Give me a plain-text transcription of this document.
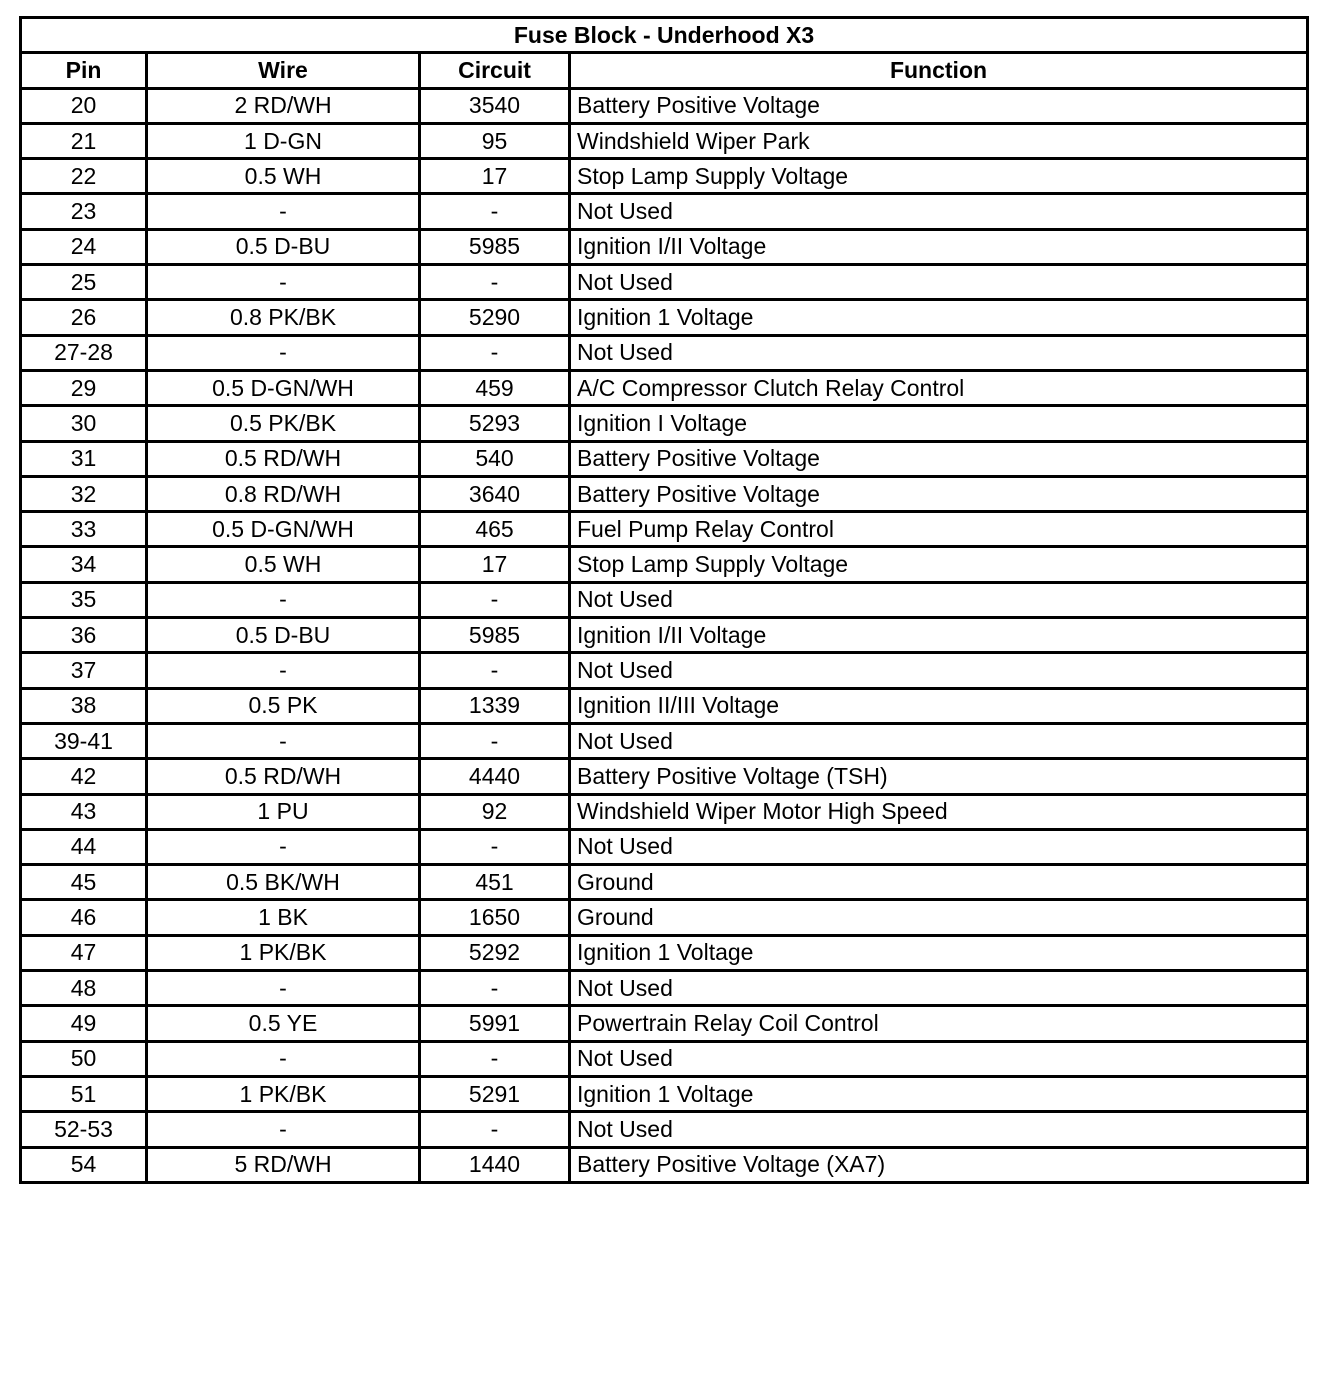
Fuse Block - Underhood X3			
Pin	Wire	Circuit	Function
20	2 RD/WH	3540	Battery Positive Voltage
21	1 D-GN	95	Windshield Wiper Park
22	0.5 WH	17	Stop Lamp Supply Voltage
23	-	-	Not Used
24	0.5 D-BU	5985	Ignition I/II Voltage
25	-	-	Not Used
26	0.8 PK/BK	5290	Ignition 1 Voltage
27-28	-	-	Not Used
29	0.5 D-GN/WH	459	A/C Compressor Clutch Relay Control
30	0.5 PK/BK	5293	Ignition I Voltage
31	0.5 RD/WH	540	Battery Positive Voltage
32	0.8 RD/WH	3640	Battery Positive Voltage
33	0.5 D-GN/WH	465	Fuel Pump Relay Control
34	0.5 WH	17	Stop Lamp Supply Voltage
35	-	-	Not Used
36	0.5 D-BU	5985	Ignition I/II Voltage
37	-	-	Not Used
38	0.5 PK	1339	Ignition II/III Voltage
39-41	-	-	Not Used
42	0.5 RD/WH	4440	Battery Positive Voltage (TSH)
43	1 PU	92	Windshield Wiper Motor High Speed
44	-	-	Not Used
45	0.5 BK/WH	451	Ground
46	1 BK	1650	Ground
47	1 PK/BK	5292	Ignition 1 Voltage
48	-	-	Not Used
49	0.5 YE	5991	Powertrain Relay Coil Control
50	-	-	Not Used
51	1 PK/BK	5291	Ignition 1 Voltage
52-53	-	-	Not Used
54	5 RD/WH	1440	Battery Positive Voltage (XA7)
